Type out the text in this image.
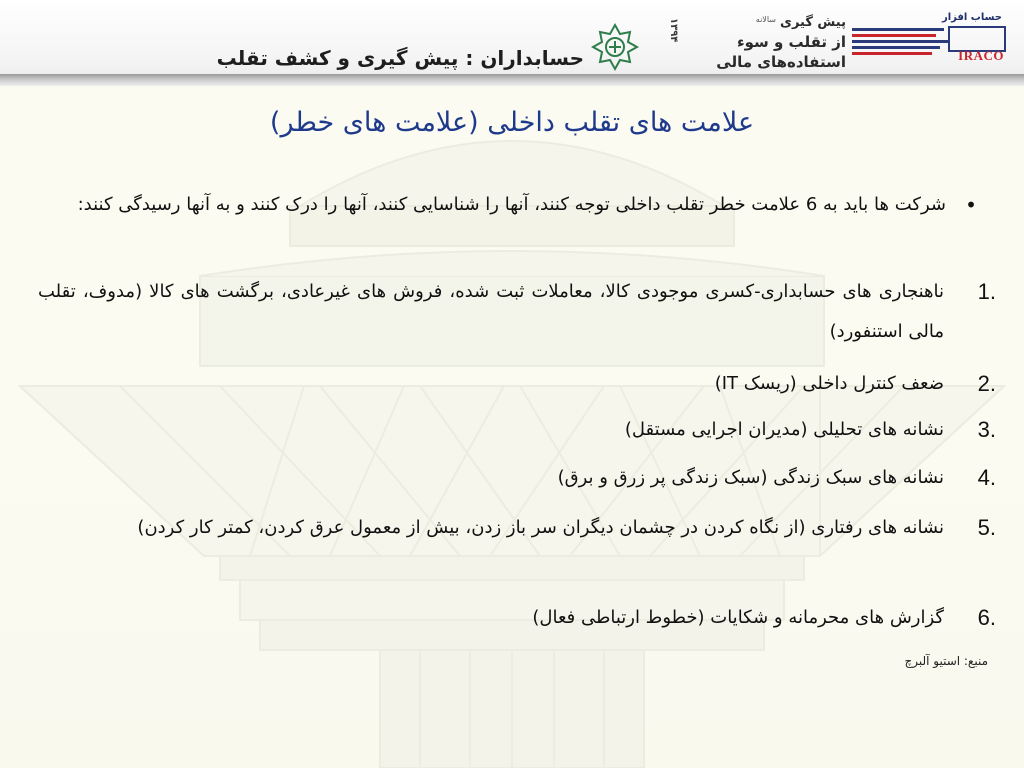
حسابداران : پیش گیری و کشف تقلب
۱۳۹۴	سالانه پیش گیری
از تقلب و سوء
استفاده‌های مالی
حساب افزار
IRACO
علامت های تقلب داخلی (علامت های خطر)
•
شرکت ها باید به 6 علامت خطر تقلب داخلی توجه کنند، آنها را شناسایی کنند، آنها را درک کنند و به آنها رسیدگی کنند:
1.
ناهنجاری های حسابداری-کسری موجودی کالا، معاملات ثبت شده، فروش های غیرعادی، برگشت های کالا (مدوف، تقلب مالی استنفورد)
2.
ضعف کنترل داخلی (ریسک IT)
3.
نشانه های تحلیلی (مدیران اجرایی مستقل)
4.
نشانه های سبک زندگی (سبک زندگی پر زرق و برق)
5.
نشانه های رفتاری (از نگاه کردن در چشمان دیگران سر باز زدن، بیش از معمول عرق کردن، کمتر کار کردن)
6.
گزارش های محرمانه و شکایات (خطوط ارتباطی فعال)
منبع: استیو آلبرچ
